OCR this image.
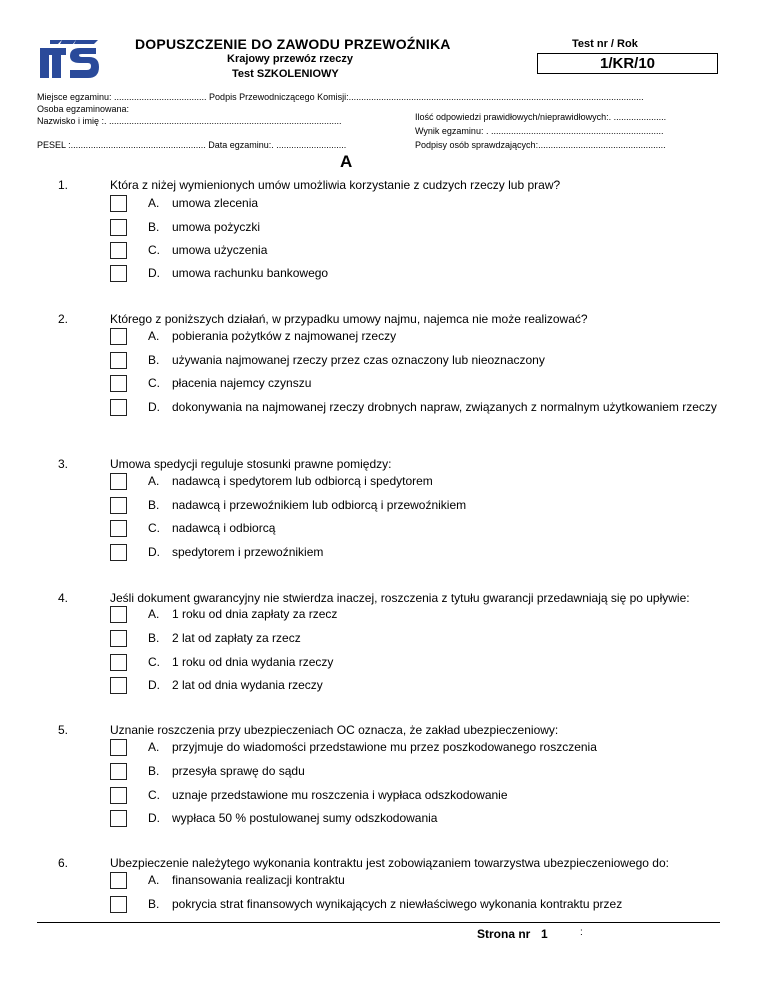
DOPUSZCZENIE DO ZAWODU PRZEWOŹNIKA
Krajowy przewóz rzeczy
Test SZKOLENIOWY
Test nr / Rok
1/KR/10
Miejsce egzaminu: ..................................... Podpis Przewodniczącego Komisji:......................................................................................................................
Osoba egzaminowana:
Nazwisko i imię :. .............................................................................................	Ilość odpowiedzi prawidłowych/nieprawidłowych:. .....................
Wynik egzaminu: . .....................................................................
PESEL :...................................................... Data egzaminu:. ............................	Podpisy osób sprawdzających:...................................................
A
1.	Która z niżej wymienionych umów umożliwia korzystanie z cudzych rzeczy lub praw?
A. umowa zlecenia
B. umowa pożyczki
C. umowa użyczenia
D. umowa rachunku bankowego
2.	Którego z poniższych działań, w przypadku umowy najmu, najemca nie może realizować?
A. pobierania pożytków z najmowanej rzeczy
B. używania najmowanej rzeczy przez czas oznaczony lub nieoznaczony
C. płacenia najemcy czynszu
D. dokonywania na najmowanej rzeczy drobnych napraw, związanych z normalnym użytkowaniem rzeczy
3.	Umowa spedycji reguluje stosunki prawne pomiędzy:
A. nadawcą i spedytorem lub odbiorcą i spedytorem
B. nadawcą i przewoźnikiem lub odbiorcą i przewoźnikiem
C. nadawcą i odbiorcą
D. spedytorem i przewoźnikiem
4.	Jeśli dokument gwarancyjny nie stwierdza inaczej, roszczenia z tytułu gwarancji przedawniają się po upływie:
A. 1 roku od dnia zapłaty za rzecz
B. 2 lat od zapłaty za rzecz
C. 1 roku od dnia wydania rzeczy
D. 2 lat od dnia wydania rzeczy
5.	Uznanie roszczenia przy ubezpieczeniach OC oznacza, że zakład ubezpieczeniowy:
A. przyjmuje do wiadomości przedstawione mu przez poszkodowanego roszczenia
B. przesyła sprawę do sądu
C. uznaje przedstawione mu roszczenia i wypłaca odszkodowanie
D. wypłaca 50 % postulowanej sumy odszkodowania
6.	Ubezpieczenie należytego wykonania kontraktu jest zobowiązaniem towarzystwa ubezpieczeniowego do:
A. finansowania realizacji kontraktu
B. pokrycia strat finansowych wynikających z niewłaściwego wykonania kontraktu przez
Strona nr 1	:
